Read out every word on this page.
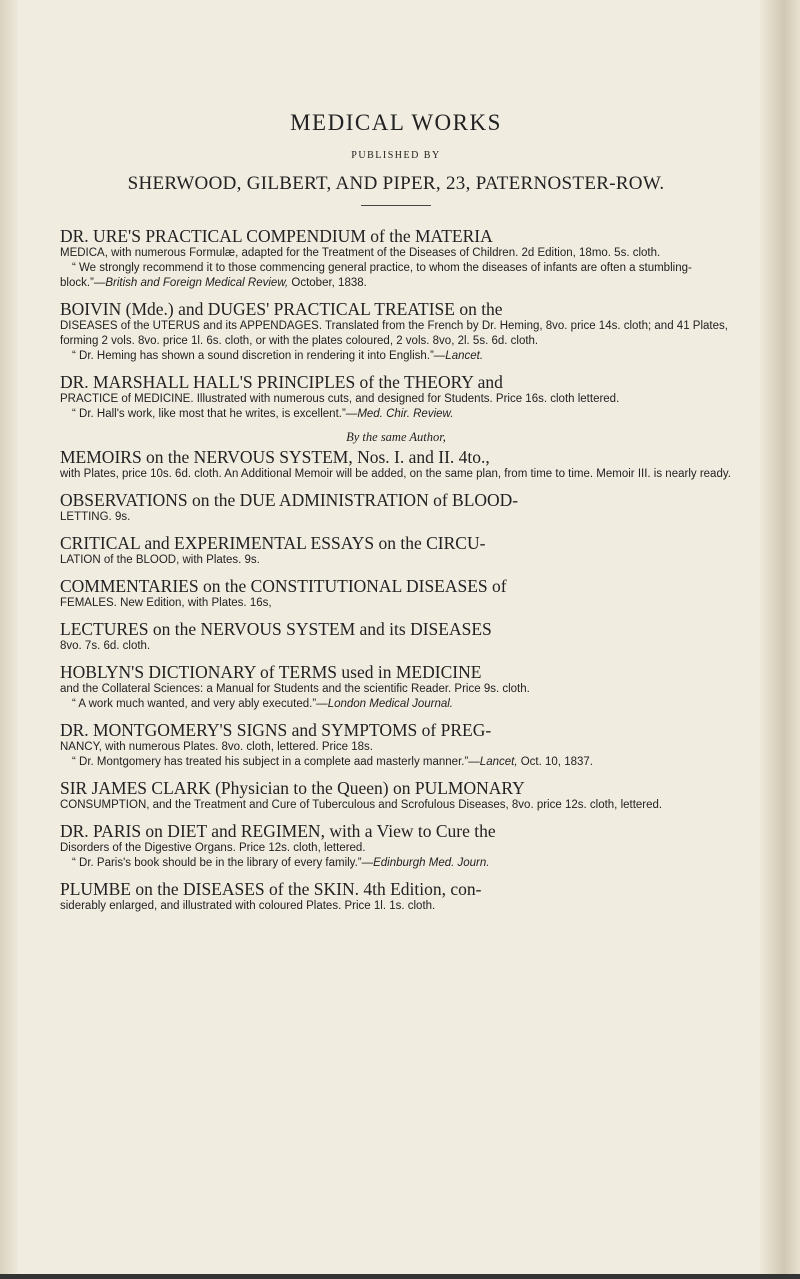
MEDICAL WORKS

PUBLISHED BY

SHERWOOD, GILBERT, AND PIPER, 23, PATERNOSTER-ROW.

DR. URE'S PRACTICAL COMPENDIUM of the MATERIA

MEDICA, with numerous Formulæ, adapted for the Treatment of the Diseases of Children. 2d Edition, 18mo. 5s. cloth.

“ We strongly recommend it to those commencing general practice, to whom the diseases of infants are often a stumbling-block.”—British and Foreign Medical Review, October, 1838.

BOIVIN (Mde.) and DUGES' PRACTICAL TREATISE on the

DISEASES of the UTERUS and its APPENDAGES. Translated from the French by Dr. Heming, 8vo. price 14s. cloth; and 41 Plates, forming 2 vols. 8vo. price 1l. 6s. cloth, or with the plates coloured, 2 vols. 8vo, 2l. 5s. 6d. cloth.

“ Dr. Heming has shown a sound discretion in rendering it into English.”—Lancet.

DR. MARSHALL HALL'S PRINCIPLES of the THEORY and

PRACTICE of MEDICINE. Illustrated with numerous cuts, and designed for Students. Price 16s. cloth lettered.

“ Dr. Hall's work, like most that he writes, is excellent.”—Med. Chir. Review.

By the same Author,

MEMOIRS on the NERVOUS SYSTEM, Nos. I. and II. 4to.,

with Plates, price 10s. 6d. cloth. An Additional Memoir will be added, on the same plan, from time to time. Memoir III. is nearly ready.

OBSERVATIONS on the DUE ADMINISTRATION of BLOOD-

LETTING. 9s.

CRITICAL and EXPERIMENTAL ESSAYS on the CIRCU-

LATION of the BLOOD, with Plates. 9s.

COMMENTARIES on the CONSTITUTIONAL DISEASES of

FEMALES. New Edition, with Plates. 16s,

LECTURES on the NERVOUS SYSTEM and its DISEASES

8vo. 7s. 6d. cloth.

HOBLYN'S DICTIONARY of TERMS used in MEDICINE

and the Collateral Sciences: a Manual for Students and the scientific Reader. Price 9s. cloth.

“ A work much wanted, and very ably executed.”—London Medical Journal.

DR. MONTGOMERY'S SIGNS and SYMPTOMS of PREG-

NANCY, with numerous Plates. 8vo. cloth, lettered. Price 18s.

“ Dr. Montgomery has treated his subject in a complete aad masterly manner.”—Lancet, Oct. 10, 1837.

SIR JAMES CLARK (Physician to the Queen) on PULMONARY

CONSUMPTION, and the Treatment and Cure of Tuberculous and Scrofulous Diseases, 8vo. price 12s. cloth, lettered.

DR. PARIS on DIET and REGIMEN, with a View to Cure the

Disorders of the Digestive Organs. Price 12s. cloth, lettered.

“ Dr. Paris's book should be in the library of every family.”—Edinburgh Med. Journ.

PLUMBE on the DISEASES of the SKIN. 4th Edition, con-

siderably enlarged, and illustrated with coloured Plates. Price 1l. 1s. cloth.
